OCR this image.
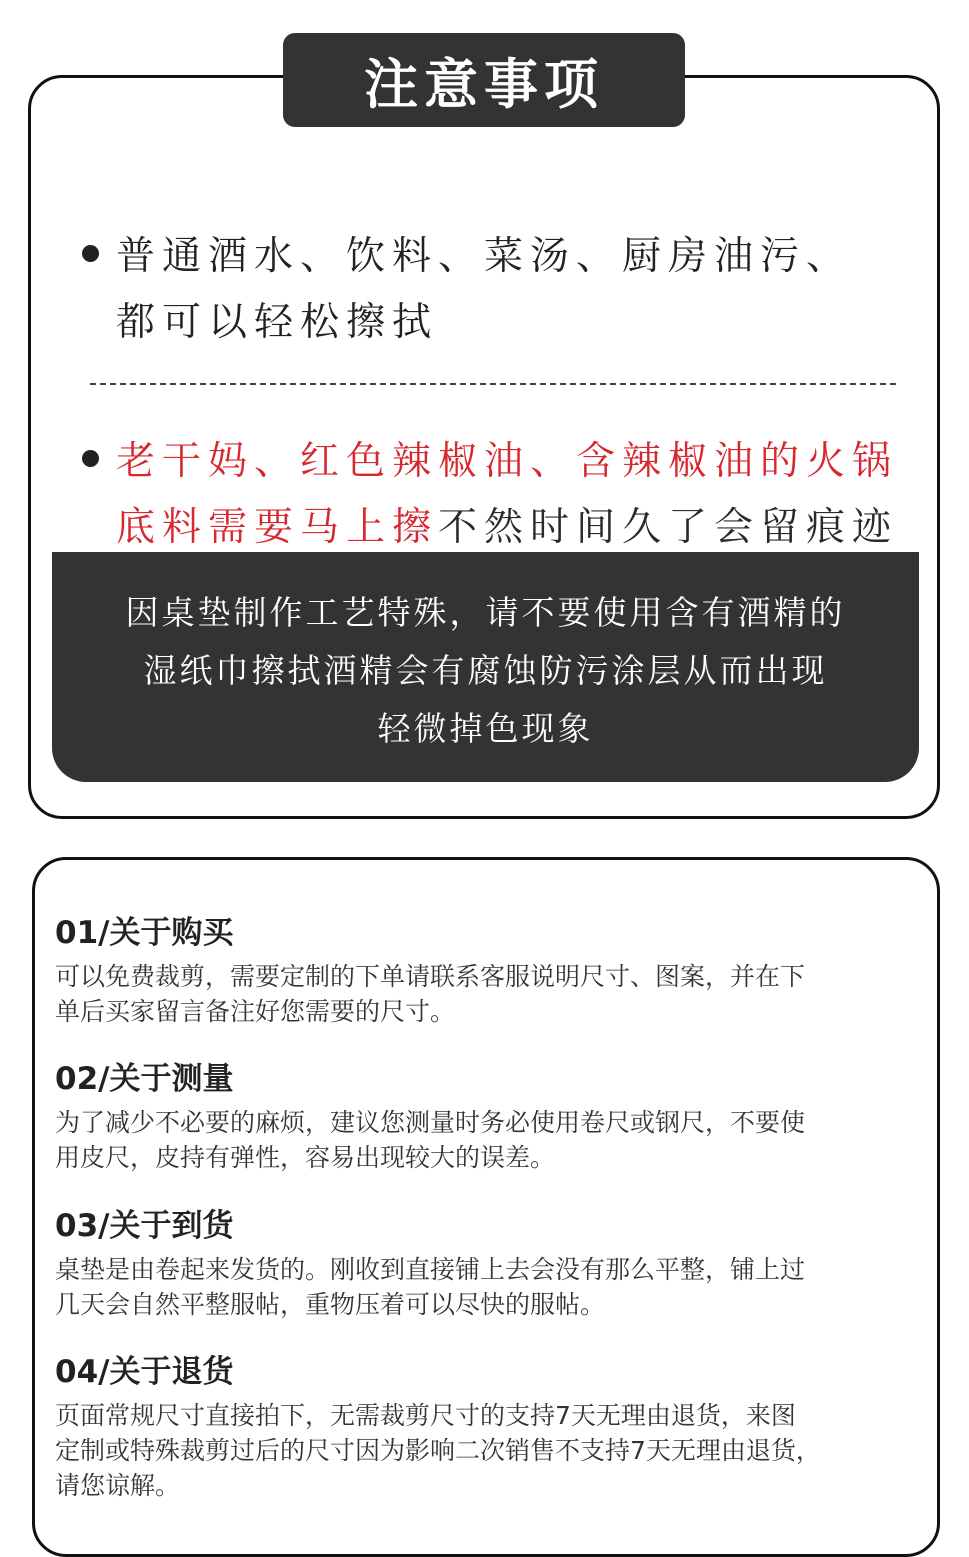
注意事项
普通酒水、饮料、菜汤、厨房油污、
都可以轻松擦拭
老干妈、红色辣椒油、含辣椒油的火锅
底料需要马上擦 不然时间久了会留痕迹
因桌垫制作工艺特殊，请不要使用含有酒精的
湿纸巾擦拭酒精会有腐蚀防污涂层从而出现
轻微掉色现象
01/关于购买
可以免费裁剪，需要定制的下单请联系客服说明尺寸、图案，并在下
单后买家留言备注好您需要的尺寸。
02/关于测量
为了减少不必要的麻烦，建议您测量时务必使用卷尺或钢尺，不要使
用皮尺，皮持有弹性，容易出现较大的误差。
03/关于到货
桌垫是由卷起来发货的。刚收到直接铺上去会没有那么平整，铺上过
几天会自然平整服帖，重物压着可以尽快的服帖。
04/关于退货
页面常规尺寸直接拍下，无需裁剪尺寸的支持7天无理由退货，来图
定制或特殊裁剪过后的尺寸因为影响二次销售不支持7天无理由退货，
请您谅解。
